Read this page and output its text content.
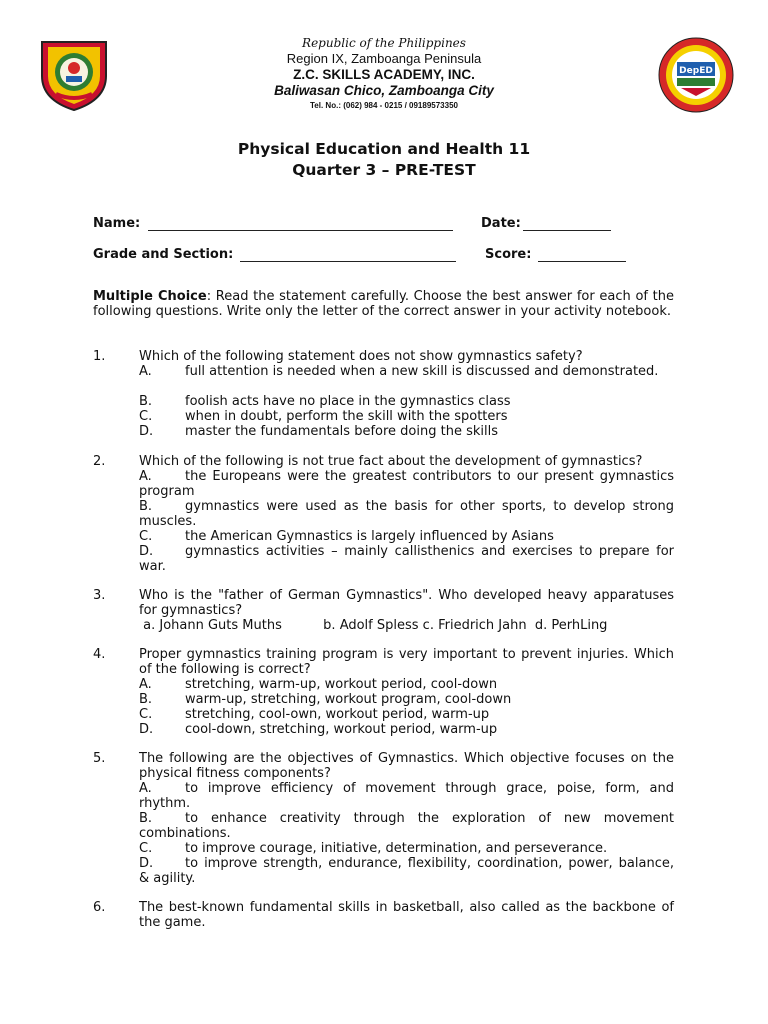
DepED
Republic of the Philippines
Region IX, Zamboanga Peninsula
Z.C. SKILLS ACADEMY, INC.
Baliwasan Chico, Zamboanga City
Tel. No.: (062) 984 - 0215 / 09189573350
Physical Education and Health 11
Quarter 3 – PRE-TEST
Name:	Date:
Grade and Section:	Score:
Multiple Choice: Read the statement carefully. Choose the best answer for each of the following questions. Write only the letter of the correct answer in your activity notebook.
1.	Which of the following statement does not show gymnastics safety?
A.	full attention is needed when a new skill is discussed and demonstrated.
B.	foolish acts have no place in the gymnastics class
C.	when in doubt, perform the skill with the spotters
D. master the fundamentals before doing the skills
2.	Which of the following is not true fact about the development of gymnastics?
A.	the Europeans were the greatest contributors to our present gymnastics program
B.	gymnastics were used as the basis for other sports, to develop strong muscles.
C.	the American Gymnastics is largely influenced by Asians
D. gymnastics activities – mainly callisthenics and exercises to prepare for war.
3.	Who is the "father of German Gymnastics". Who developed heavy apparatuses for gymnastics?
a. Johann Guts Muths          b. Adolf Spless c. Friedrich Jahn  d. PerhLing
4.	Proper gymnastics training program is very important to prevent injuries. Which of the following is correct?
A.	stretching, warm-up, workout period, cool-down
B.	warm-up, stretching, workout program, cool-down
C.	stretching, cool-own, workout period, warm-up
D. cool-down, stretching, workout period, warm-up
5.	The following are the objectives of Gymnastics. Which objective focuses on the physical fitness components?
A.	to improve efficiency of movement through grace, poise, form, and rhythm.
B.	to enhance creativity through the exploration of new movement combinations.
C.	to improve courage, initiative, determination, and perseverance.
D. to improve strength, endurance, flexibility, coordination, power, balance, & agility.
6.	The best-known fundamental skills in basketball, also called as the backbone of the game.
